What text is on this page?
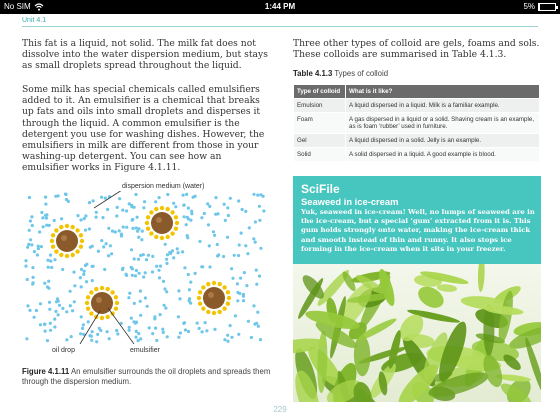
No SIM	1:44 PM	5%
Unit 4.1

This fat is a liquid, not solid. The milk fat does not dissolve into the water dispersion medium, but stays as small droplets spread throughout the liquid.

Some milk has special chemicals called emulsifiers added to it. An emulsifier is a chemical that breaks up fats and oils into small droplets and disperses it through the liquid. A common emulsifier is the detergent you use for washing dishes. However, the emulsifiers in milk are different from those in your washing-up detergent. You can see how an emulsifier works in Figure 4.1.11.

dispersion medium (water)
oil drop	emulsifier
Figure 4.1.11 An emulsifier surrounds the oil droplets and spreads them through the dispersion medium.

Three other types of colloid are gels, foams and sols. These colloids are summarised in Table 4.1.3.

Table 4.1.3 Types of colloid
Type of colloid	What is it like?
Emulsion	A liquid dispersed in a liquid. Milk is a familiar example.
Foam	A gas dispersed in a liquid or a solid. Shaving cream is an example, as is foam ‘rubber’ used in furniture.
Gel	A liquid dispersed in a solid. Jelly is an example.
Solid	A solid dispersed in a liquid. A good example is blood.
SciFile
Seaweed in ice-cream

Yuk, seaweed in ice-cream! Well, no lumps of seaweed are in the ice-cream, but a special ‘gum’ extracted from it is. This gum holds strongly onto water, making the ice-cream thick and smooth instead of thin and runny. It also stops ice forming in the ice-cream when it sits in your freezer.

229
